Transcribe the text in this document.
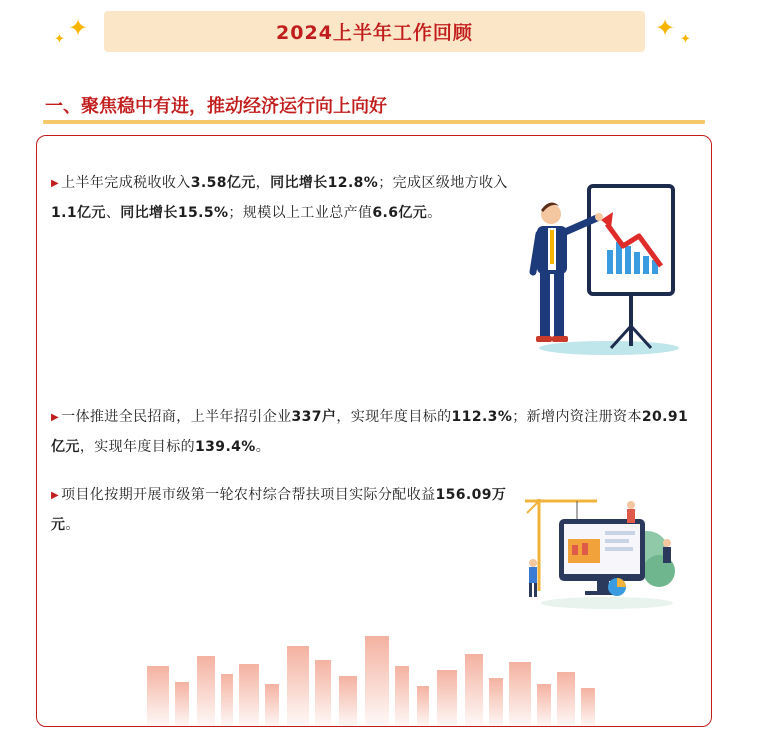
✦
✦	2024上半年工作回顾	✦ ✦
一、聚焦稳中有进，推动经济运行向上向好
▶ 上半年完成税收收入3.58亿元，同比增长12.8%；完成区级地方收入1.1亿元、同比增长15.5%；规模以上工业总产值6.6亿元。
▶ 一体推进全民招商，上半年招引企业337户，实现年度目标的112.3%；新增内资注册资本20.91亿元，实现年度目标的139.4%。
▶ 项目化按期开展市级第一轮农村综合帮扶项目实际分配收益156.09万元。
